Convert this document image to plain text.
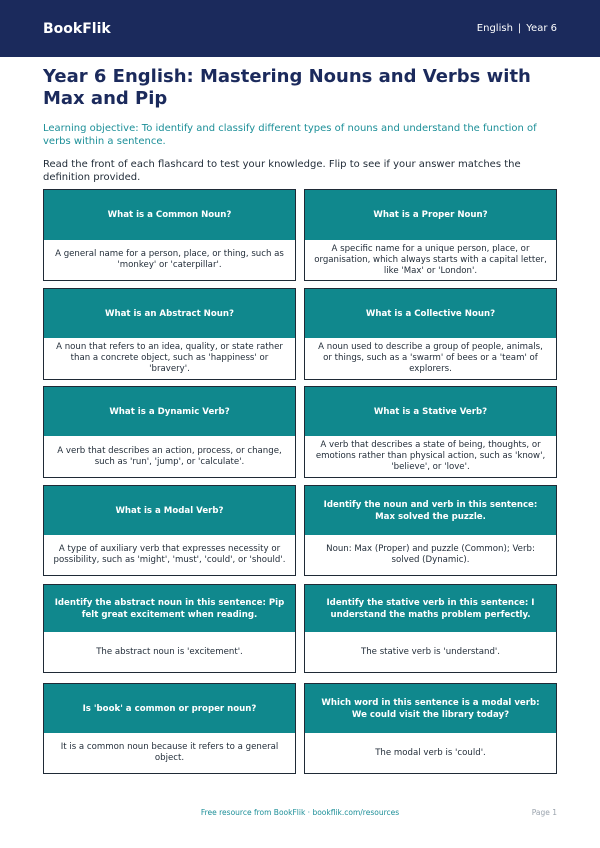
BookFlik	English | Year 6
Year 6 English: Mastering Nouns and Verbs with Max and Pip

Learning objective: To identify and classify different types of nouns and understand the function of verbs within a sentence.

Read the front of each flashcard to test your knowledge. Flip to see if your answer matches the definition provided.

What is a Common Noun?
A general name for a person, place, or thing, such as 'monkey' or 'caterpillar'.
What is a Proper Noun?
A specific name for a unique person, place, or organisation, which always starts with a capital letter, like 'Max' or 'London'.
What is an Abstract Noun?
A noun that refers to an idea, quality, or state rather than a concrete object, such as 'happiness' or 'bravery'.
What is a Collective Noun?
A noun used to describe a group of people, animals, or things, such as a 'swarm' of bees or a 'team' of explorers.
What is a Dynamic Verb?
A verb that describes an action, process, or change, such as 'run', 'jump', or 'calculate'.
What is a Stative Verb?
A verb that describes a state of being, thoughts, or emotions rather than physical action, such as 'know', 'believe', or 'love'.
What is a Modal Verb?
A type of auxiliary verb that expresses necessity or possibility, such as 'might', 'must', 'could', or 'should'.
Identify the noun and verb in this sentence: Max solved the puzzle.
Noun: Max (Proper) and puzzle (Common); Verb: solved (Dynamic).
Identify the abstract noun in this sentence: Pip felt great excitement when reading.
The abstract noun is 'excitement'.
Identify the stative verb in this sentence: I understand the maths problem perfectly.
The stative verb is 'understand'.
Is 'book' a common or proper noun?
It is a common noun because it refers to a general object.
Which word in this sentence is a modal verb: We could visit the library today?
The modal verb is 'could'.
Free resource from BookFlik · bookflik.com/resources	Page 1
